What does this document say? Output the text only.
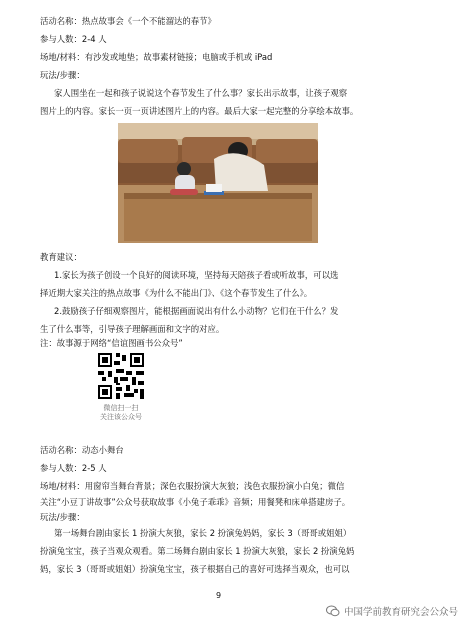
活动名称：热点故事会《一个不能溜达的春节》
参与人数：2-4 人
场地/材料：有沙发或地垫；故事素材链接；电脑或手机或 iPad
玩法/步骤：
家人围坐在一起和孩子说说这个春节发生了什么事？家长出示故事，让孩子观察
图片上的内容。家长一页一页讲述图片上的内容。最后大家一起完整的分享绘本故事。
教育建议：
1.家长为孩子创设一个良好的阅读环境，坚持每天陪孩子看或听故事，可以选
择近期大家关注的热点故事《为什么不能出门》、《这个春节发生了什么》。
2.鼓励孩子仔细观察图片，能根据画面说出有什么小动物？它们在干什么？发
生了什么事等，引导孩子理解画面和文字的对应。
注：故事源于网络“信谊图画书公众号”
微信扫一扫
关注该公众号
活动名称：动态小舞台
参与人数：2-5 人
场地/材料：用窗帘当舞台背景；深色衣服扮演大灰狼；浅色衣服扮演小白兔；微信
关注“小豆丁讲故事”公众号获取故事《小兔子乖乖》音频；用餐凳和床单搭建房子。
玩法/步骤：
第一场舞台剧由家长 1 扮演大灰狼，家长 2 扮演兔妈妈，家长 3（哥哥或姐姐）
扮演兔宝宝，孩子当观众观看。第二场舞台剧由家长 1 扮演大灰狼，家长 2 扮演兔妈
妈，家长 3（哥哥或姐姐）扮演兔宝宝，孩子根据自己的喜好可选择当观众，也可以
9
中国学前教育研究会公众号
